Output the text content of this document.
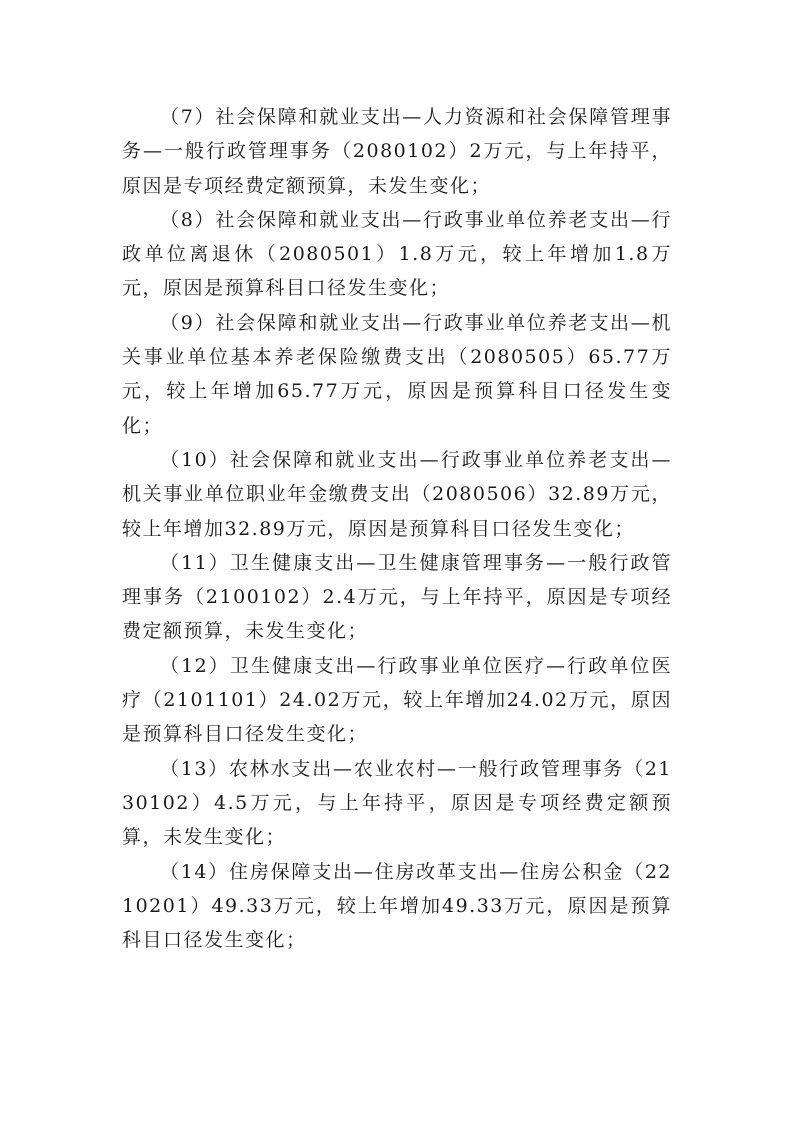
（7）社会保障和就业支出—人力资源和社会保障管理事务—一般行政管理事务（2080102）2万元，与上年持平，原因是专项经费定额预算，未发生变化；

（8）社会保障和就业支出—行政事业单位养老支出—行政单位离退休（2080501）1.8万元，较上年增加1.8万元，原因是预算科目口径发生变化；

（9）社会保障和就业支出—行政事业单位养老支出—机关事业单位基本养老保险缴费支出（2080505）65.77万元，较上年增加65.77万元，原因是预算科目口径发生变化；

（10）社会保障和就业支出—行政事业单位养老支出—机关事业单位职业年金缴费支出（2080506）32.89万元，较上年增加32.89万元，原因是预算科目口径发生变化；

（11）卫生健康支出—卫生健康管理事务—一般行政管理事务（2100102）2.4万元，与上年持平，原因是专项经费定额预算，未发生变化；

（12）卫生健康支出—行政事业单位医疗—行政单位医疗（2101101）24.02万元，较上年增加24.02万元，原因是预算科目口径发生变化；

（13）农林水支出—农业农村—一般行政管理事务（2130102）4.5万元，与上年持平，原因是专项经费定额预算，未发生变化；

（14）住房保障支出—住房改革支出—住房公积金（2210201）49.33万元，较上年增加49.33万元，原因是预算科目口径发生变化；
